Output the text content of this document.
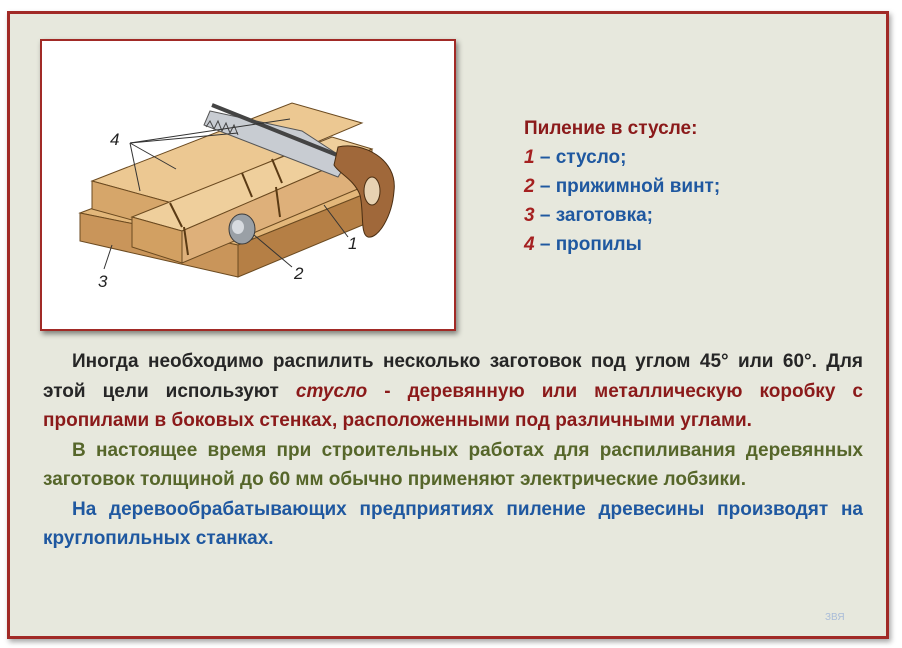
4
1
2
3
Пиление в стусле:
1 – стусло;
2 – прижимной винт;
3 – заготовка;
4 – пропилы

Иногда необходимо распилить несколько заготовок под углом 45° или 60°. Для этой цели используют стусло - деревянную или металлическую коробку с пропилами в боковых стенках, расположенными под различными углами.

В настоящее время при строительных работах для распиливания деревянных заготовок толщиной до 60 мм обычно применяют электрические лобзики.

На деревообрабатывающих предприятиях пиление древесины производят на круглопильных станках.

ЗВЯ
